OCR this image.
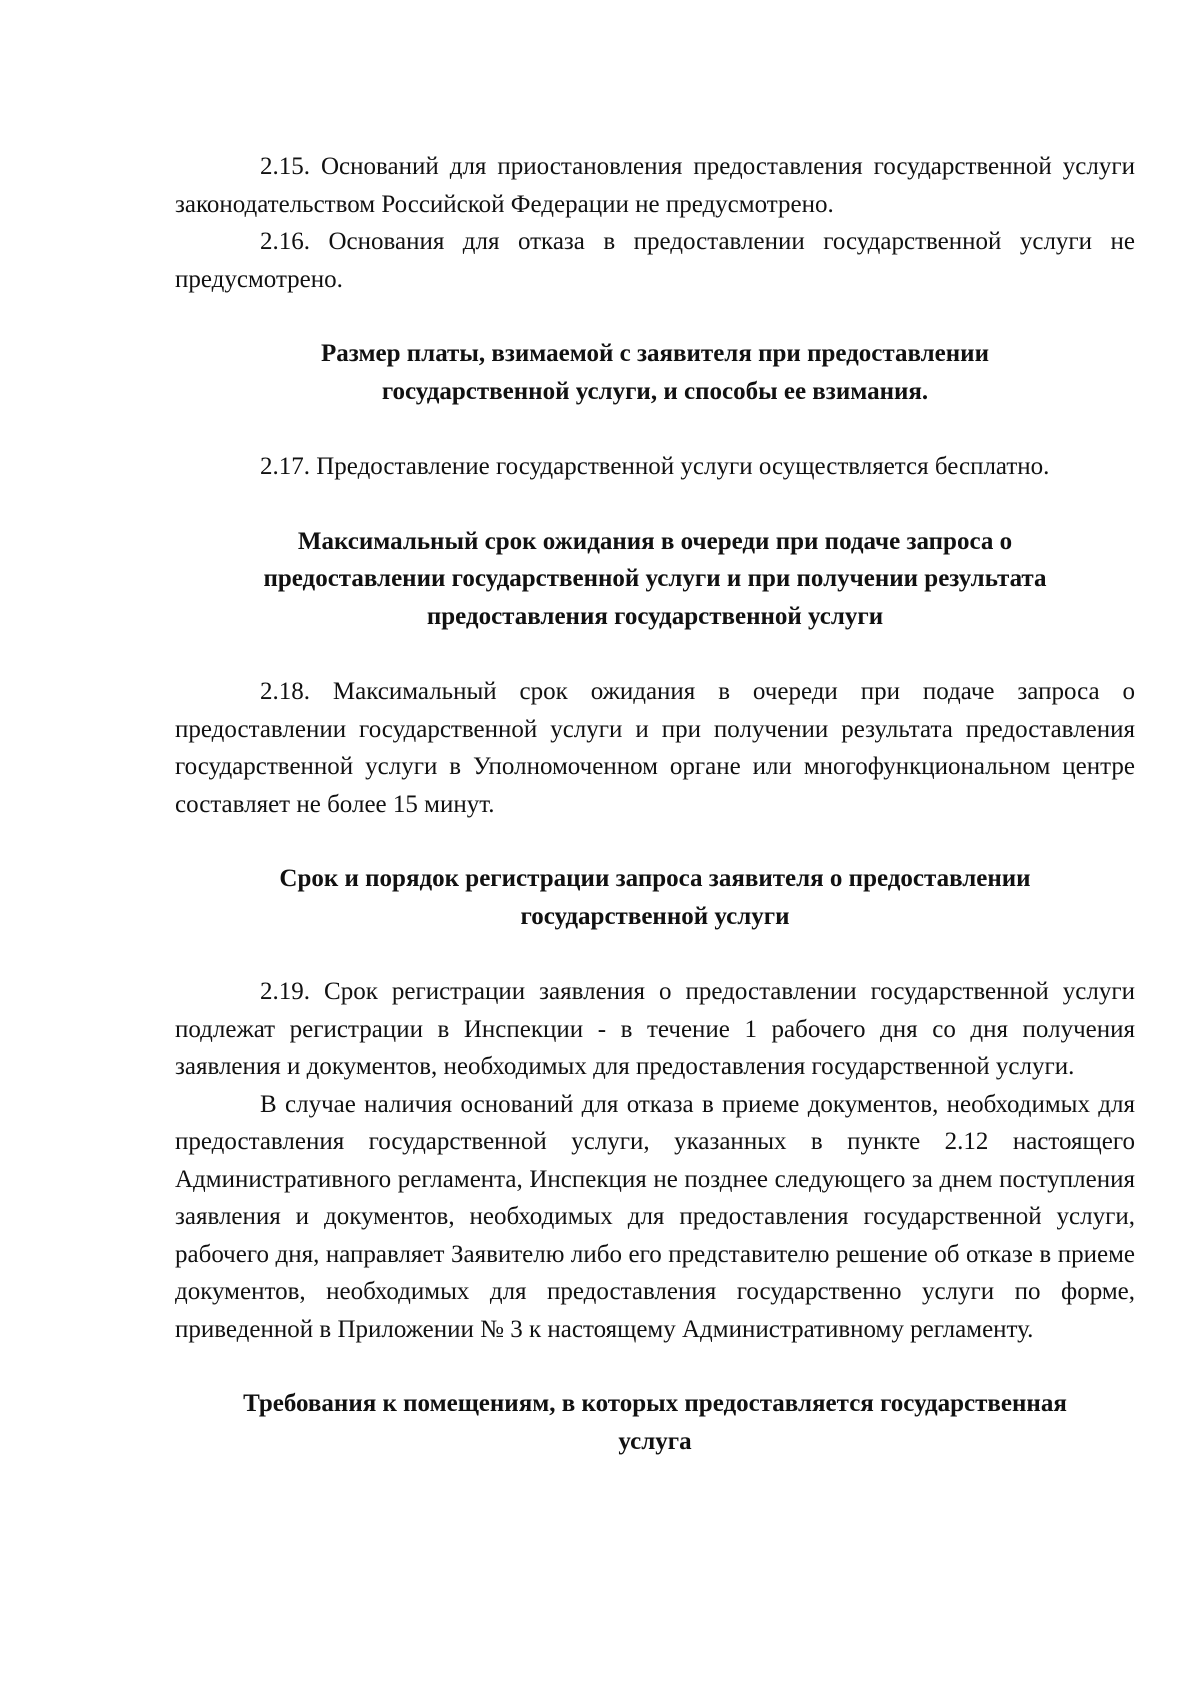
2.15. Оснований для приостановления предоставления государственной услуги законодательством Российской Федерации не предусмотрено.

2.16. Основания для отказа в предоставлении государственной услуги не предусмотрено.

Размер платы, взимаемой с заявителя при предоставлении
государственной услуги, и способы ее взимания.

2.17. Предоставление государственной услуги осуществляется бесплатно.

Максимальный срок ожидания в очереди при подаче запроса о
предоставлении государственной услуги и при получении результата
предоставления государственной услуги

2.18. Максимальный срок ожидания в очереди при подаче запроса о предоставлении государственной услуги и при получении результата предоставления государственной услуги в Уполномоченном органе или многофункциональном центре составляет не более 15 минут.

Срок и порядок регистрации запроса заявителя о предоставлении
государственной услуги

2.19. Срок регистрации заявления о предоставлении государственной услуги подлежат регистрации в Инспекции - в течение 1 рабочего дня со дня получения заявления и документов, необходимых для предоставления государственной услуги.

В случае наличия оснований для отказа в приеме документов, необходимых для предоставления государственной услуги, указанных в пункте 2.12 настоящего Административного регламента, Инспекция не позднее следующего за днем поступления заявления и документов, необходимых для предоставления государственной услуги, рабочего дня, направляет Заявителю либо его представителю решение об отказе в приеме документов, необходимых для предоставления государственно услуги по форме, приведенной в Приложении № 3 к настоящему Административному регламенту.

Требования к помещениям, в которых предоставляется государственная
услуга
